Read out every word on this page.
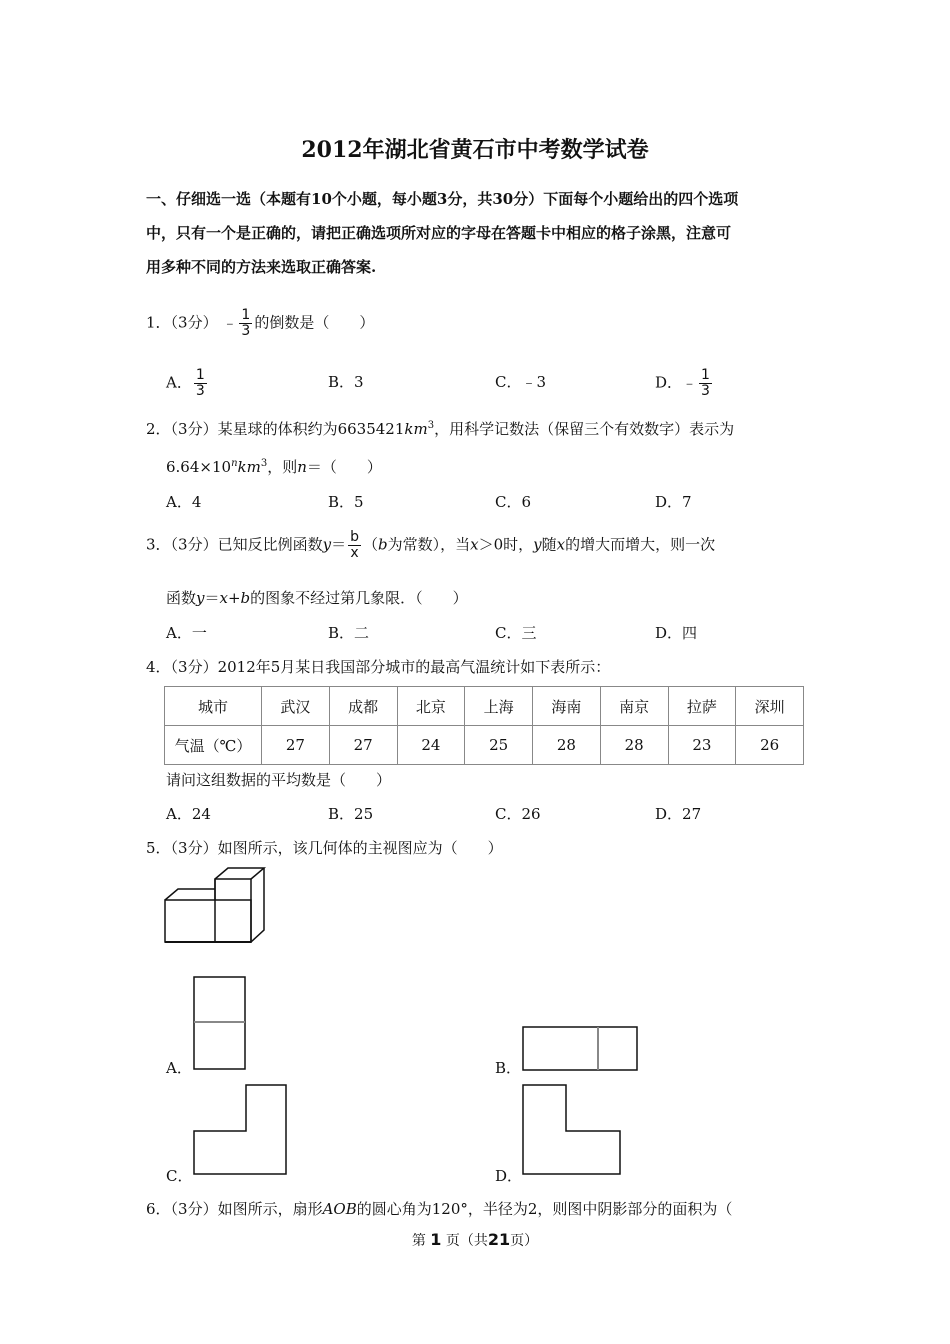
2012年湖北省黄石市中考数学试卷
一、仔细选一选（本题有10个小题，每小题3分，共30分）下面每个小题给出的四个选项
中，只有一个是正确的，请把正确选项所对应的字母在答题卡中相应的格子涂黑，注意可
用多种不同的方法来选取正确答案.
1．（3分） ﹣ $\frac{1}{3}$ 的倒数是（　　）
A． $\frac{1}{3}$	B．3	C．﹣3	D．﹣ $\frac{1}{3}$
2．（3分）某星球的体积约为$6635421km^3$，用科学记数法（保留三个有效数字）表示为
$6.64\times 10^nkm^3$，则n＝（　　）
A．4	B．5	C．6	D．7
3．（3分）已知反比例函数$y= \frac{b}{x} (b$为常数），当x＞0时，y随x的增大而增大，则一次
函数y＝x+b的图象不经过第几象限．（　　）
A．一	B．二	C．三	D．四
4．（3分）2012年5月某日我国部分城市的最高气温统计如下表所示：
城市	武汉	成都	北京	上海	海南	南京	拉萨	深圳
气温（℃）	27	27	24	25	28	28	23	26
请问这组数据的平均数是（　　）
A．24	B．25	C．26	D．27
5．（3分）如图所示，该几何体的主视图应为（　　）
A．	B．
C．	D．
6．（3分）如图所示，扇形AOB的圆心角为120°，半径为2，则图中阴影部分的面积为（
第 1 页（共21页）
